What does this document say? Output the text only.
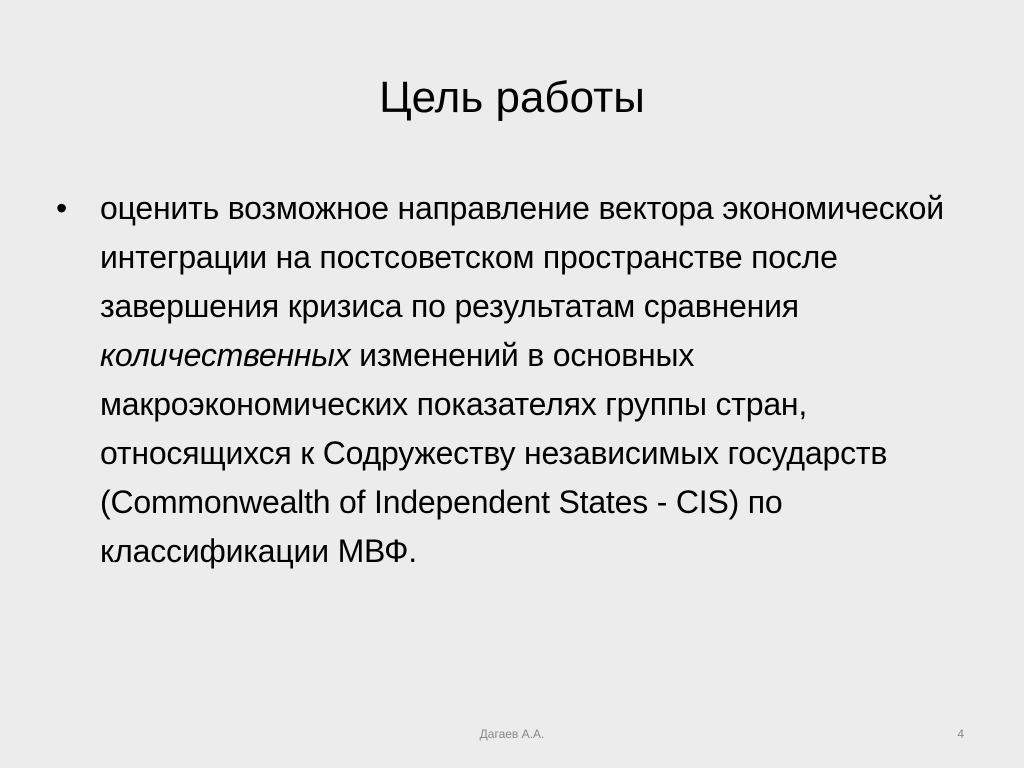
Цель работы
•	оценить возможное направление вектора экономической интеграции на постсоветском пространстве после завершения кризиса по результатам сравнения количественных изменений в основных макроэкономических показателях группы стран, относящихся к Содружеству независимых государств (Commonwealth of Independent States - CIS) по классификации МВФ.
Дагаев А.А.	4
